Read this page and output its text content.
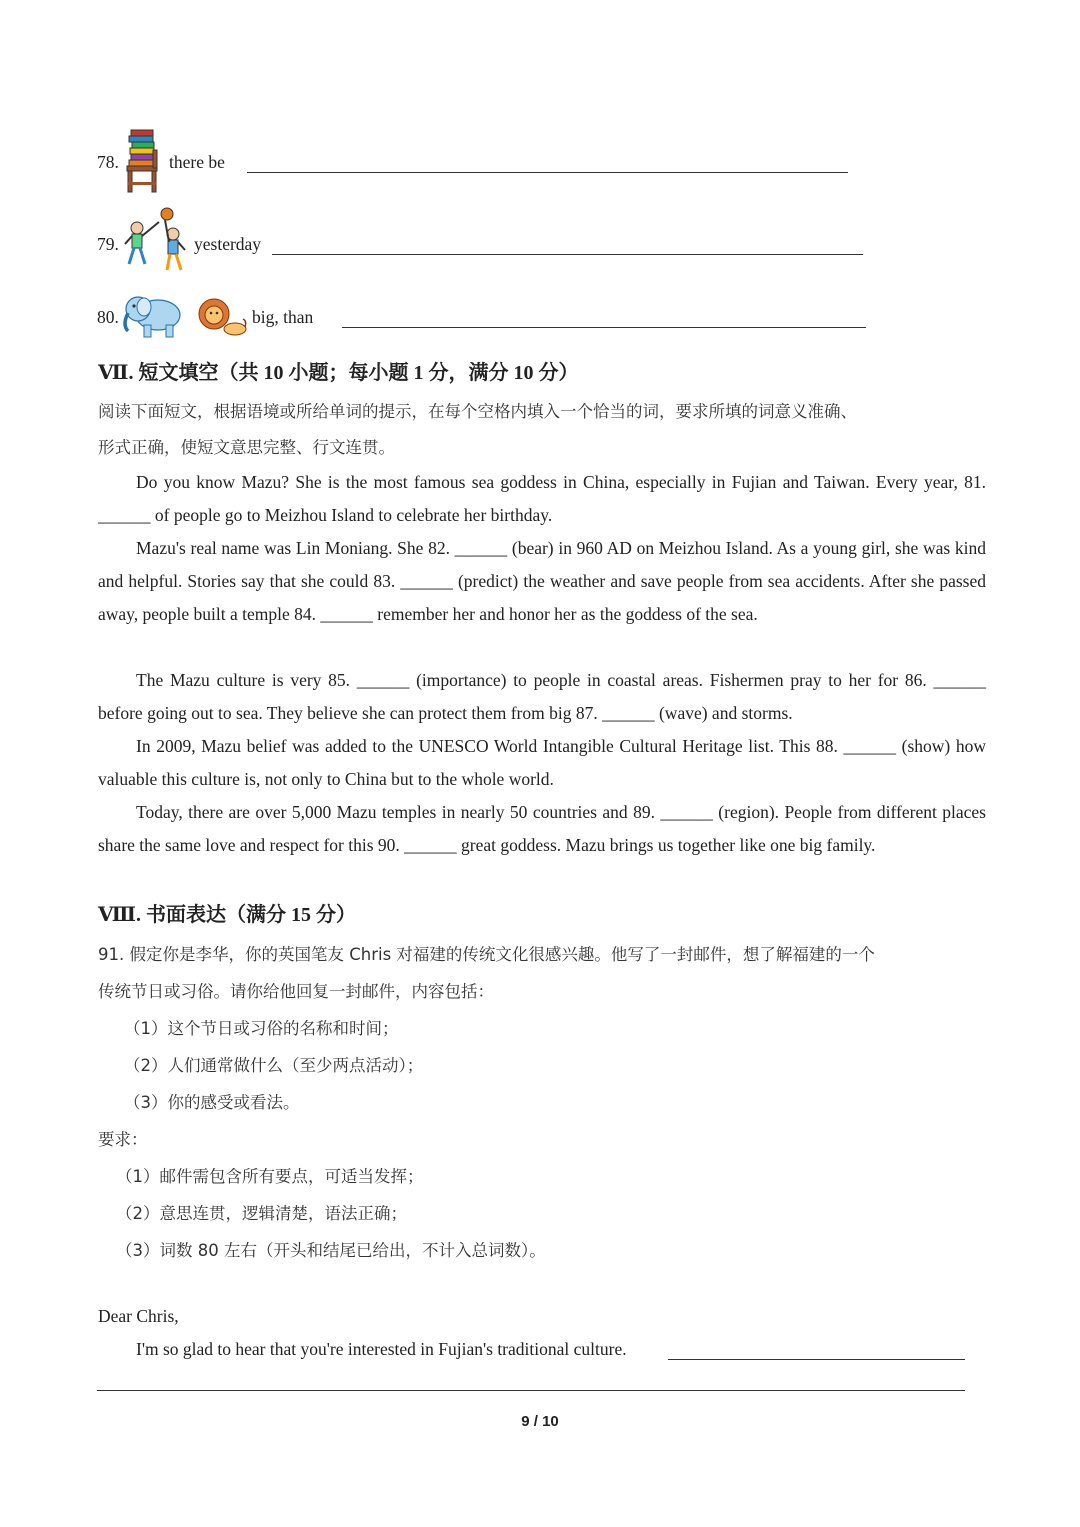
78.	there be
79.	yesterday
80.	big, than
Ⅶ. 短文填空（共 10 小题；每小题 1 分，满分 10 分）
阅读下面短文，根据语境或所给单词的提示，在每个空格内填入一个恰当的词，要求所填的词意义准确、
形式正确，使短文意思完整、行文连贯。
Do you know Mazu? She is the most famous sea goddess in China, especially in Fujian and Taiwan. Every year, 81. ______ of people go to Meizhou Island to celebrate her birthday.
Mazu's real name was Lin Moniang. She 82. ______ (bear) in 960 AD on Meizhou Island. As a young girl, she was kind and helpful. Stories say that she could 83. ______ (predict) the weather and save people from sea accidents. After she passed away, people built a temple 84. ______ remember her and honor her as the goddess of the sea.
The Mazu culture is very 85. ______ (importance) to people in coastal areas. Fishermen pray to her for 86. ______ before going out to sea. They believe she can protect them from big 87. ______ (wave) and storms.
In 2009, Mazu belief was added to the UNESCO World Intangible Cultural Heritage list. This 88. ______ (show) how valuable this culture is, not only to China but to the whole world.
Today, there are over 5,000 Mazu temples in nearly 50 countries and 89. ______ (region). People from different places share the same love and respect for this 90. ______ great goddess. Mazu brings us together like one big family.
Ⅷ. 书面表达（满分 15 分）
91. 假定你是李华，你的英国笔友 Chris 对福建的传统文化很感兴趣。他写了一封邮件，想了解福建的一个
传统节日或习俗。请你给他回复一封邮件，内容包括：
（1）这个节日或习俗的名称和时间；
（2）人们通常做什么（至少两点活动）；
（3）你的感受或看法。
要求：
（1）邮件需包含所有要点，可适当发挥；
（2）意思连贯，逻辑清楚，语法正确；
（3）词数 80 左右（开头和结尾已给出，不计入总词数）。
Dear Chris,
I'm so glad to hear that you're interested in Fujian's traditional culture.
9 / 10
